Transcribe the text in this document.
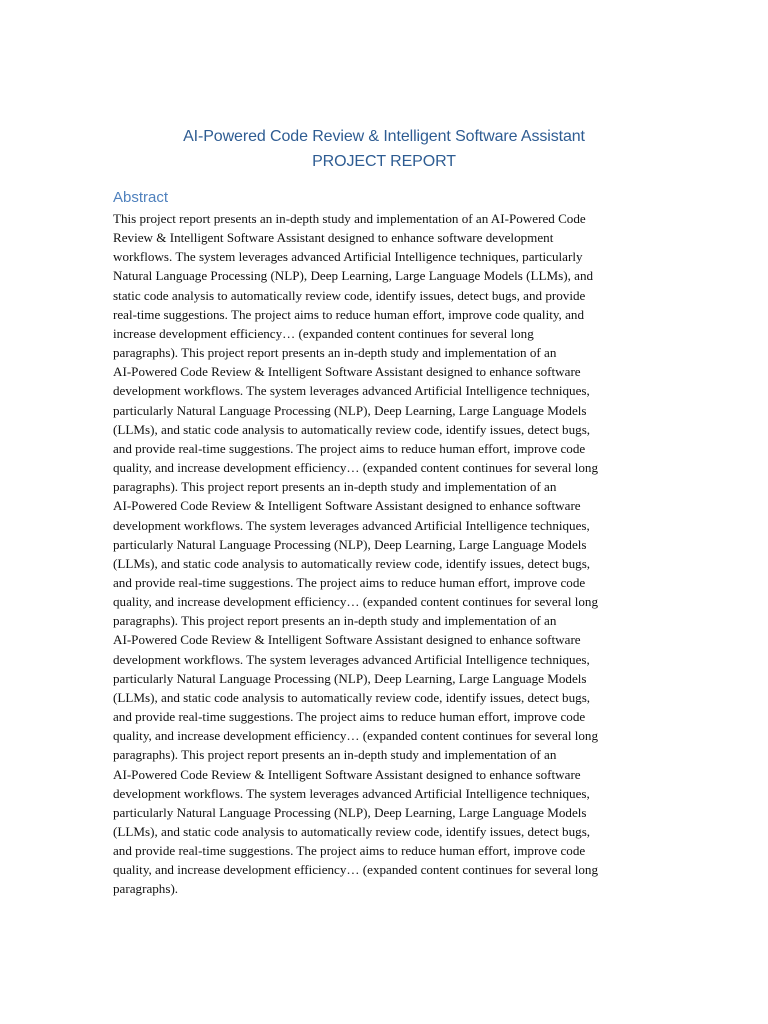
AI-Powered Code Review & Intelligent Software Assistant
PROJECT REPORT
Abstract
This project report presents an in-depth study and implementation of an AI-Powered Code
Review & Intelligent Software Assistant designed to enhance software development
workflows. The system leverages advanced Artificial Intelligence techniques, particularly
Natural Language Processing (NLP), Deep Learning, Large Language Models (LLMs), and
static code analysis to automatically review code, identify issues, detect bugs, and provide
real-time suggestions. The project aims to reduce human effort, improve code quality, and
increase development efficiency… (expanded content continues for several long
paragraphs). This project report presents an in-depth study and implementation of an
AI-Powered Code Review & Intelligent Software Assistant designed to enhance software
development workflows. The system leverages advanced Artificial Intelligence techniques,
particularly Natural Language Processing (NLP), Deep Learning, Large Language Models
(LLMs), and static code analysis to automatically review code, identify issues, detect bugs,
and provide real-time suggestions. The project aims to reduce human effort, improve code
quality, and increase development efficiency… (expanded content continues for several long
paragraphs). This project report presents an in-depth study and implementation of an
AI-Powered Code Review & Intelligent Software Assistant designed to enhance software
development workflows. The system leverages advanced Artificial Intelligence techniques,
particularly Natural Language Processing (NLP), Deep Learning, Large Language Models
(LLMs), and static code analysis to automatically review code, identify issues, detect bugs,
and provide real-time suggestions. The project aims to reduce human effort, improve code
quality, and increase development efficiency… (expanded content continues for several long
paragraphs). This project report presents an in-depth study and implementation of an
AI-Powered Code Review & Intelligent Software Assistant designed to enhance software
development workflows. The system leverages advanced Artificial Intelligence techniques,
particularly Natural Language Processing (NLP), Deep Learning, Large Language Models
(LLMs), and static code analysis to automatically review code, identify issues, detect bugs,
and provide real-time suggestions. The project aims to reduce human effort, improve code
quality, and increase development efficiency… (expanded content continues for several long
paragraphs). This project report presents an in-depth study and implementation of an
AI-Powered Code Review & Intelligent Software Assistant designed to enhance software
development workflows. The system leverages advanced Artificial Intelligence techniques,
particularly Natural Language Processing (NLP), Deep Learning, Large Language Models
(LLMs), and static code analysis to automatically review code, identify issues, detect bugs,
and provide real-time suggestions. The project aims to reduce human effort, improve code
quality, and increase development efficiency… (expanded content continues for several long
paragraphs).
